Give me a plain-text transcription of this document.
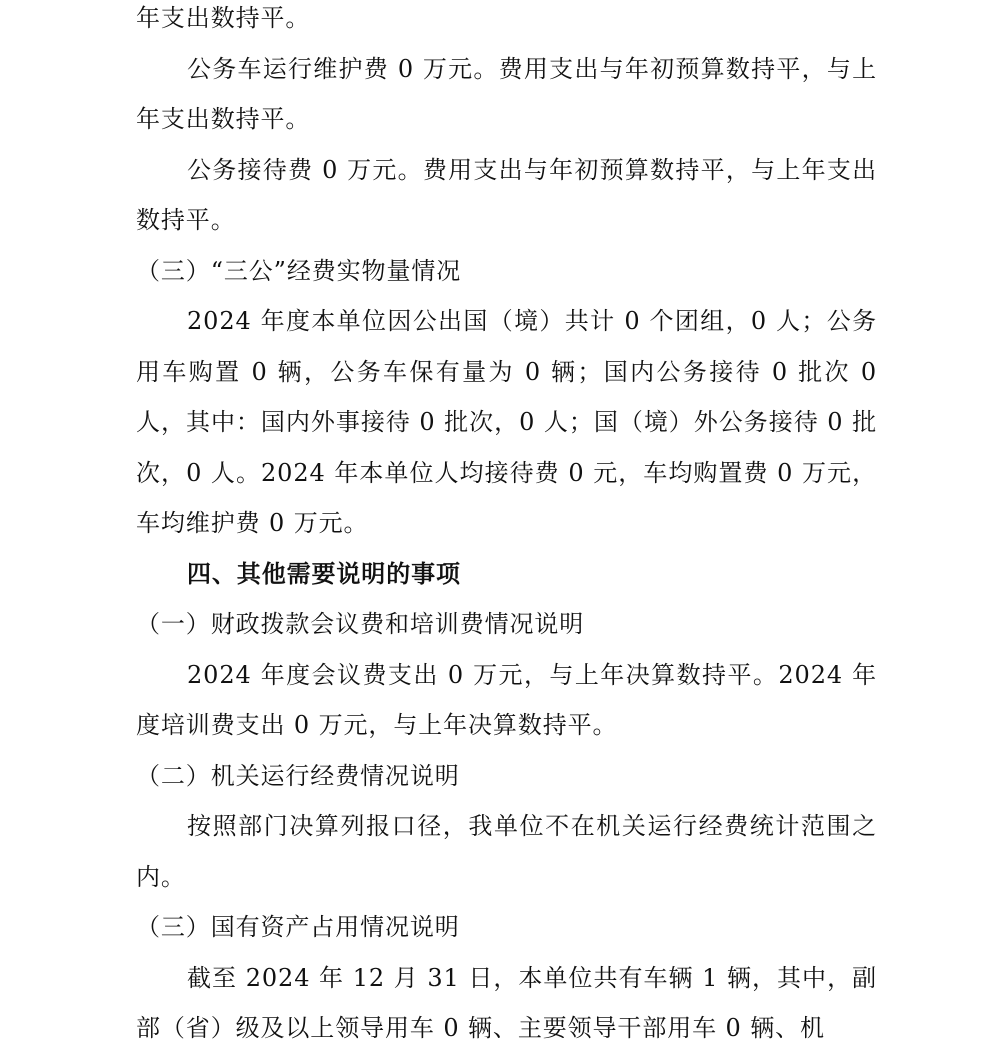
年支出数持平。

公务车运行维护费 0 万元。费用支出与年初预算数持平，与上年支出数持平。

公务接待费 0 万元。费用支出与年初预算数持平，与上年支出数持平。

（三）“三公”经费实物量情况

2024 年度本单位因公出国（境）共计 0 个团组，0 人；公务用车购置 0 辆，公务车保有量为 0 辆；国内公务接待 0 批次 0 人，其中：国内外事接待 0 批次，0 人；国（境）外公务接待 0 批次，0 人。2024 年本单位人均接待费 0 元，车均购置费 0 万元，车均维护费 0 万元。

四、其他需要说明的事项

（一）财政拨款会议费和培训费情况说明

2024 年度会议费支出 0 万元，与上年决算数持平。2024 年度培训费支出 0 万元，与上年决算数持平。

（二）机关运行经费情况说明

按照部门决算列报口径，我单位不在机关运行经费统计范围之内。

（三）国有资产占用情况说明

截至 2024 年 12 月 31 日，本单位共有车辆 1 辆，其中，副部（省）级及以上领导用车 0 辆、主要领导干部用车 0 辆、机
